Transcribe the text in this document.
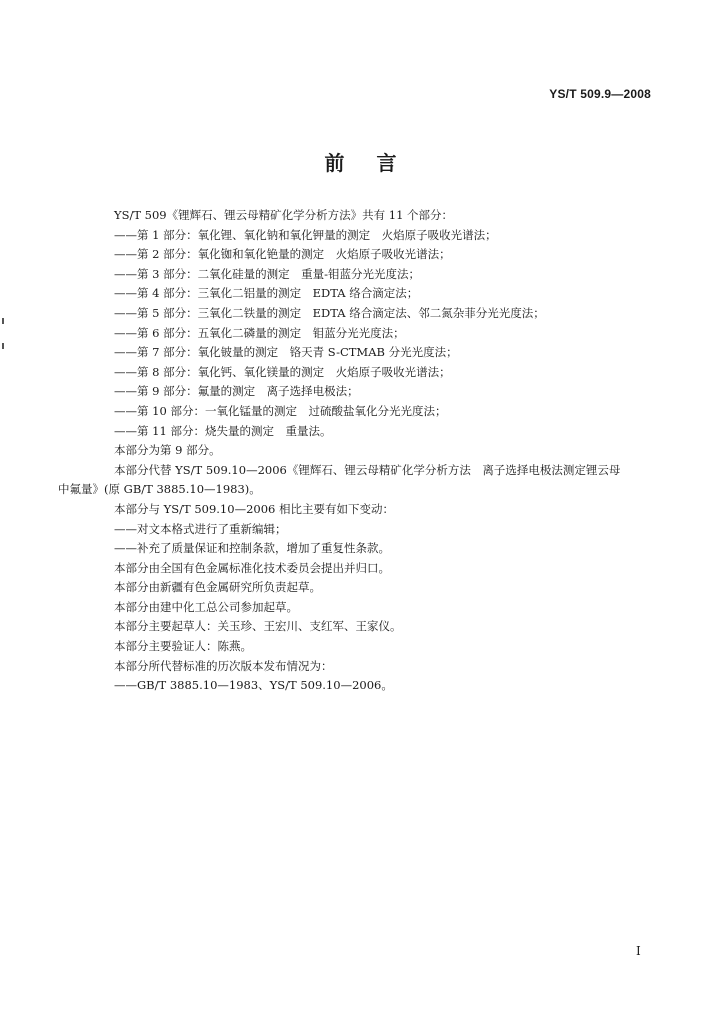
YS/T 509.9—2008
前 言
YS/T 509《锂辉石、锂云母精矿化学分析方法》共有 11 个部分：
——第 1 部分：氧化锂、氧化钠和氧化钾量的测定　火焰原子吸收光谱法；
——第 2 部分：氧化铷和氧化铯量的测定　火焰原子吸收光谱法；
——第 3 部分：二氧化硅量的测定　重量-钼蓝分光光度法；
——第 4 部分：三氧化二铝量的测定　EDTA 络合滴定法；
——第 5 部分：三氧化二铁量的测定　EDTA 络合滴定法、邻二氮杂菲分光光度法；
——第 6 部分：五氧化二磷量的测定　钼蓝分光光度法；
——第 7 部分：氧化铍量的测定　铬天青 S-CTMAB 分光光度法；
——第 8 部分：氧化钙、氧化镁量的测定　火焰原子吸收光谱法；
——第 9 部分：氟量的测定　离子选择电极法；
——第 10 部分：一氧化锰量的测定　过硫酸盐氧化分光光度法；
——第 11 部分：烧失量的测定　重量法。
本部分为第 9 部分。
本部分代替 YS/T 509.10—2006《锂辉石、锂云母精矿化学分析方法　离子选择电极法测定锂云母
中氟量》(原 GB/T 3885.10—1983)。
本部分与 YS/T 509.10—2006 相比主要有如下变动：
——对文本格式进行了重新编辑；
——补充了质量保证和控制条款，增加了重复性条款。
本部分由全国有色金属标准化技术委员会提出并归口。
本部分由新疆有色金属研究所负责起草。
本部分由建中化工总公司参加起草。
本部分主要起草人：关玉珍、王宏川、支红军、王家仪。
本部分主要验证人：陈燕。
本部分所代替标准的历次版本发布情况为：
——GB/T 3885.10—1983、YS/T 509.10—2006。
I
